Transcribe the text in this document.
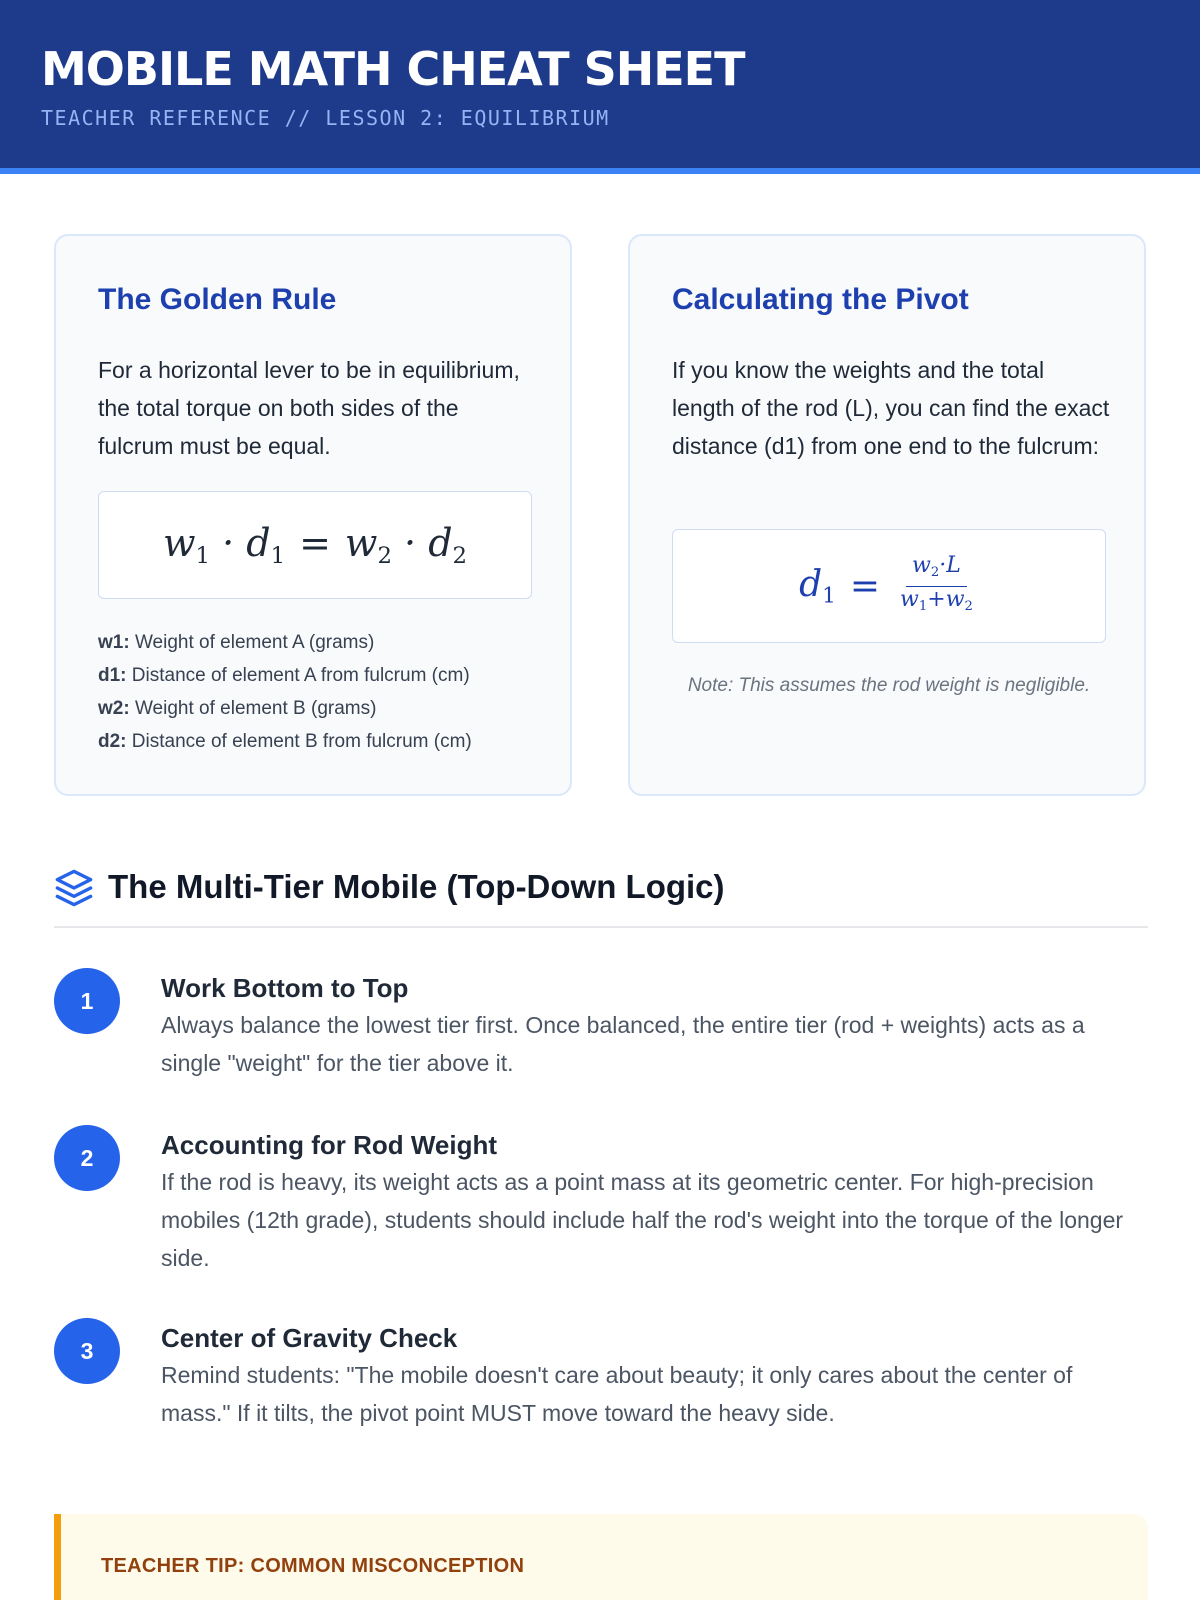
MOBILE MATH CHEAT SHEET
TEACHER REFERENCE // LESSON 2: EQUILIBRIUM
The Golden Rule

For a horizontal lever to be in equilibrium, the total torque on both sides of the fulcrum must be equal.

$w_1 \cdot d_1 = w_2 \cdot d_2$
w1: Weight of element A (grams)
d1: Distance of element A from fulcrum (cm)
w2: Weight of element B (grams)
d2: Distance of element B from fulcrum (cm)
Calculating the Pivot

If you know the weights and the total length of the rod (L), you can find the exact distance (d1) from one end to the fulcrum:

$d_1 = \frac{w_2\cdot L}{w_1+w_2}$

Note: This assumes the rod weight is negligible.

The Multi-Tier Mobile (Top-Down Logic)
1	Work Bottom to Top

Always balance the lowest tier first. Once balanced, the entire tier (rod + weights) acts as a single "weight" for the tier above it.

2	Accounting for Rod Weight

If the rod is heavy, its weight acts as a point mass at its geometric center. For high-precision mobiles (12th grade), students should include half the rod's weight into the torque of the longer side.

3	Center of Gravity Check

Remind students: "The mobile doesn't care about beauty; it only cares about the center of mass." If it tilts, the pivot point MUST move toward the heavy side.

TEACHER TIP: COMMON MISCONCEPTION
